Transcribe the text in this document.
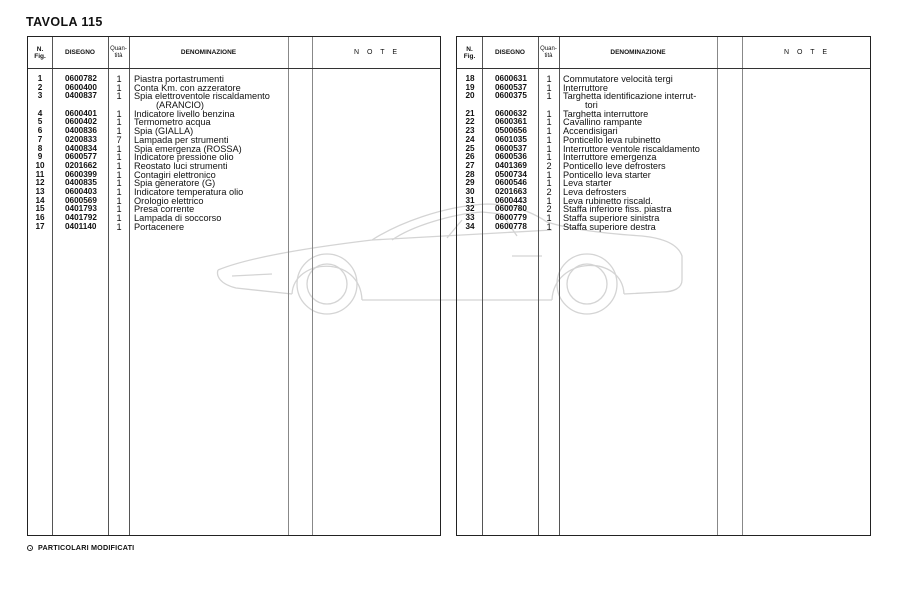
TAVOLA 115
N.
Fig.	DISEGNO
Quan-
tità	DENOMINAZIONE	N O T E
1	0600782 1 Piastra portastrumenti
2	0600400 1 Conta Km. con azzeratore
3	0400837 1 Spia elettroventole riscaldamento
(ARANCIO)
4	0600401 1 Indicatore livello benzina
5	0600402 1 Termometro acqua
6	0400836 1 Spia (GIALLA)
7	0200833 7 Lampada per strumenti
8	0400834 1 Spia emergenza (ROSSA)
9	0600577 1 Indicatore pressione olio
10	0201662 1 Reostato luci strumenti
11	0600399 1 Contagiri elettronico
12	0400835 1 Spia generatore (G)
13	0600403 1 Indicatore temperatura olio
14	0600569 1 Orologio elettrico
15	0401793 1 Presa corrente
16	0401792 1 Lampada di soccorso
17	0401140 1 Portacenere
N.
Fig.	DISEGNO
Quan-
tità	DENOMINAZIONE	N O T E
18	0600631 1 Commutatore velocità tergi
19	0600537 1 Interruttore
20	0600375 1 Targhetta identificazione interrut-
tori
21	0600632 1 Targhetta interruttore
22	0600361 1 Cavallino rampante
23	0500656 1 Accendisigari
24	0601035 1 Ponticello leva rubinetto
25	0600537 1 Interruttore ventole riscaldamento
26	0600536 1 Interruttore emergenza
27	0401369 2 Ponticello leve defrosters
28	0500734 1 Ponticello leva starter
29	0600546 1 Leva starter
30	0201663 2 Leva defrosters
31	0600443 1 Leva rubinetto riscald.
32	0600780 2 Staffa inferiore fiss. piastra
33	0600779 1 Staffa superiore sinistra
34	0600778 1 Staffa superiore destra
PARTICOLARI MODIFICATI
